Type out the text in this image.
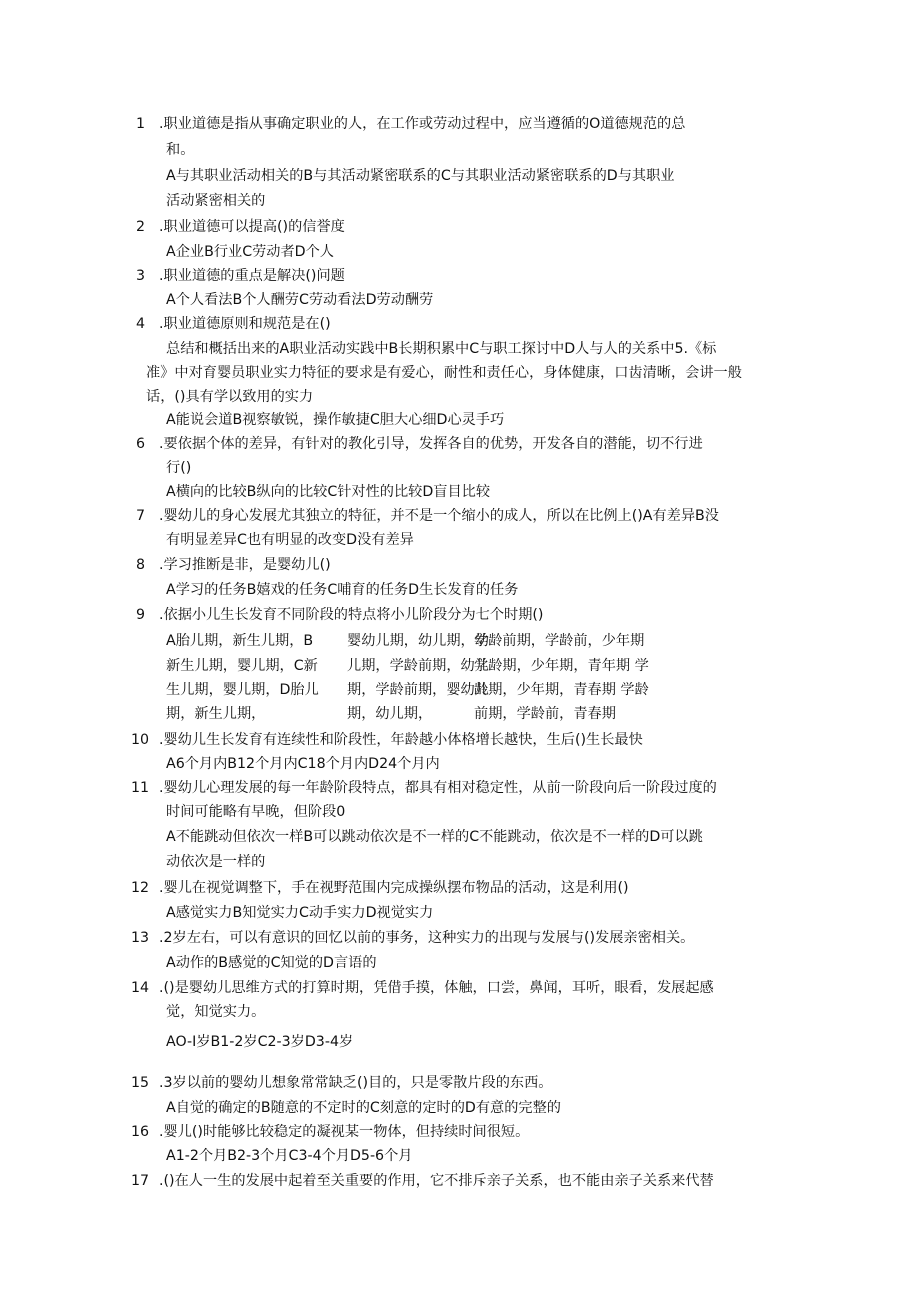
1 .职业道德是指从事确定职业的人，在工作或劳动过程中，应当遵循的O道德规范的总
和。
A与其职业活动相关的B与其活动紧密联系的C与其职业活动紧密联系的D与其职业
活动紧密相关的
2 .职业道德可以提高()的信誉度
A企业B行业C劳动者D个人
3 .职业道德的重点是解决()问题
A个人看法B个人酬劳C劳动看法D劳动酬劳
4 .职业道德原则和规范是在()
总结和概括出来的A职业活动实践中B长期积累中C与职工探讨中D人与人的关系中5.《标
准》中对育婴员职业实力特征的要求是有爱心，耐性和责任心，身体健康，口齿清晰，会讲一般
话，()具有学以致用的实力
A能说会道B视察敏锐，操作敏捷C胆大心细D心灵手巧
6 .要依据个体的差异，有针对的教化引导，发挥各自的优势，开发各自的潜能，切不行进
行()
A横向的比较B纵向的比较C针对性的比较D盲目比较
7 .婴幼儿的身心发展尤其独立的特征，并不是一个缩小的成人，所以在比例上()A有差异B没
有明显差异C也有明显的改变D没有差异
8 .学习推断是非，是婴幼儿()
A学习的任务B嬉戏的任务C哺育的任务D生长发育的任务
9 .依据小儿生长发育不同阶段的特点将小儿阶段分为七个时期()
A胎儿期，新生儿期，B 婴幼儿期，幼儿期，幼
学龄前期，学龄前，少年期
新生儿期，婴儿期，C新 儿期，学龄前期，幼儿
学龄期，少年期，青年期 学
生儿期，婴儿期，D胎儿 期，学龄前期，婴幼儿
龄期，少年期，青春期 学龄
期，新生儿期，	期，幼儿期，	前期，学龄前，青春期
10 .婴幼儿生长发育有连续性和阶段性，年龄越小体格增长越快，生后()生长最快
A6个月内B12个月内C18个月内D24个月内
11 .婴幼儿心理发展的每一年龄阶段特点，都具有相对稳定性，从前一阶段向后一阶段过度的
时间可能略有早晚，但阶段0
A不能跳动但依次一样B可以跳动依次是不一样的C不能跳动，依次是不一样的D可以跳
动依次是一样的
12 .婴儿在视觉调整下，手在视野范围内完成操纵摆布物品的活动，这是利用()
A感觉实力B知觉实力C动手实力D视觉实力
13 .2岁左右，可以有意识的回忆以前的事务，这种实力的出现与发展与()发展亲密相关。
A动作的B感觉的C知觉的D言语的
14 .()是婴幼儿思维方式的打算时期，凭借手摸，体触，口尝，鼻闻，耳听，眼看，发展起感
觉，知觉实力。
AO-I岁B1-2岁C2-3岁D3-4岁
15 .3岁以前的婴幼儿想象常常缺乏()目的，只是零散片段的东西。
A自觉的确定的B随意的不定时的C刻意的定时的D有意的完整的
16 .婴儿()时能够比较稳定的凝视某一物体，但持续时间很短。
A1-2个月B2-3个月C3-4个月D5-6个月
17 .()在人一生的发展中起着至关重要的作用，它不排斥亲子关系，也不能由亲子关系来代替
